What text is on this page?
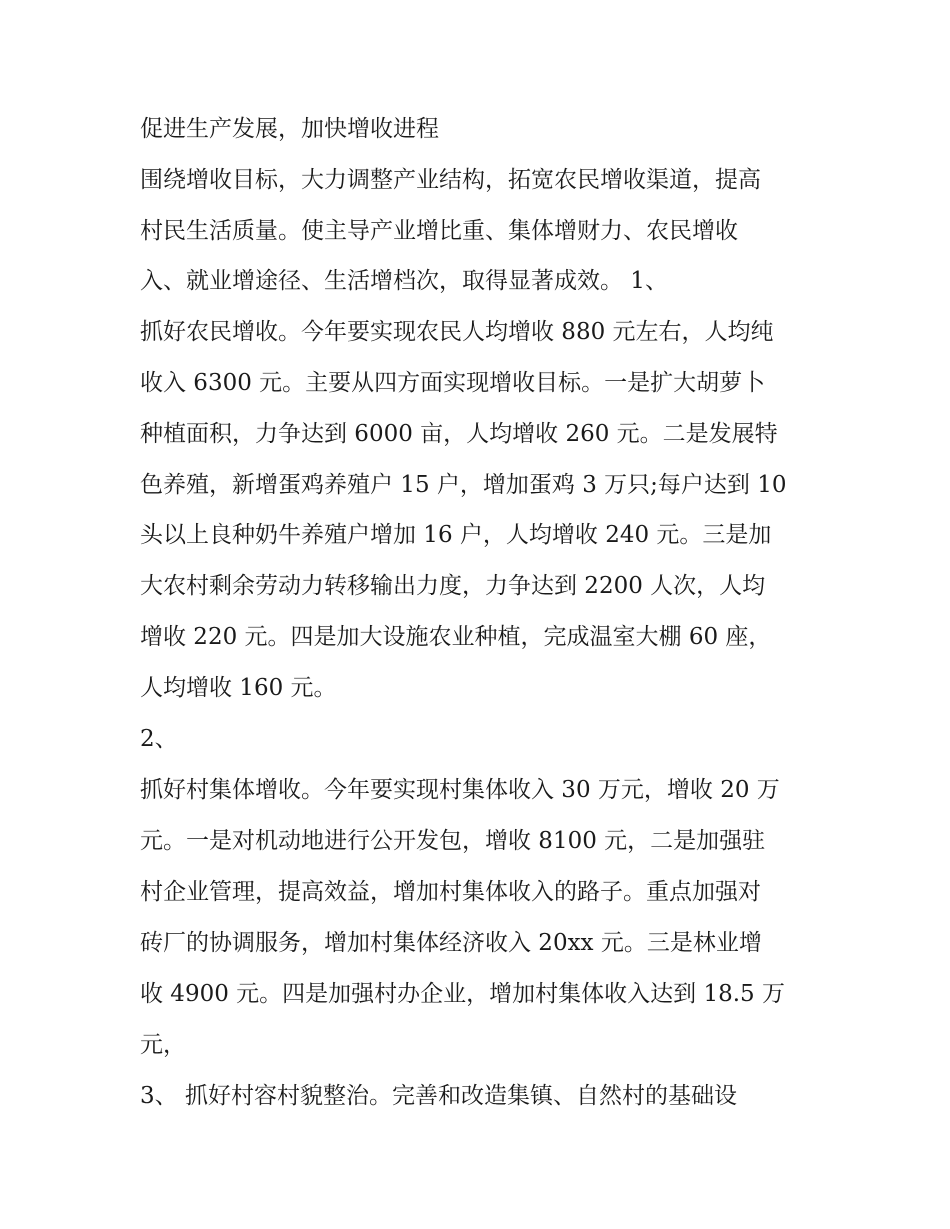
促进生产发展，加快增收进程
围绕增收目标，大力调整产业结构，拓宽农民增收渠道，提高
村民生活质量。使主导产业增比重、集体增财力、农民增收
入、就业增途径、生活增档次，取得显著成效。 1、
抓好农民增收。今年要实现农民人均增收 880 元左右，人均纯
收入 6300 元。主要从四方面实现增收目标。一是扩大胡萝卜
种植面积，力争达到 6000 亩，人均增收 260 元。二是发展特
色养殖，新增蛋鸡养殖户 15 户，增加蛋鸡 3 万只;每户达到 10
头以上良种奶牛养殖户增加 16 户，人均增收 240 元。三是加
大农村剩余劳动力转移输出力度，力争达到 2200 人次，人均
增收 220 元。四是加大设施农业种植，完成温室大棚 60 座，
人均增收 160 元。
2、
抓好村集体增收。今年要实现村集体收入 30 万元，增收 20 万
元。一是对机动地进行公开发包，增收 8100 元，二是加强驻
村企业管理，提高效益，增加村集体收入的路子。重点加强对
砖厂的协调服务，增加村集体经济收入 20xx 元。三是林业增
收 4900 元。四是加强村办企业，增加村集体收入达到 18.5 万
元，
3、 抓好村容村貌整治。完善和改造集镇、自然村的基础设
